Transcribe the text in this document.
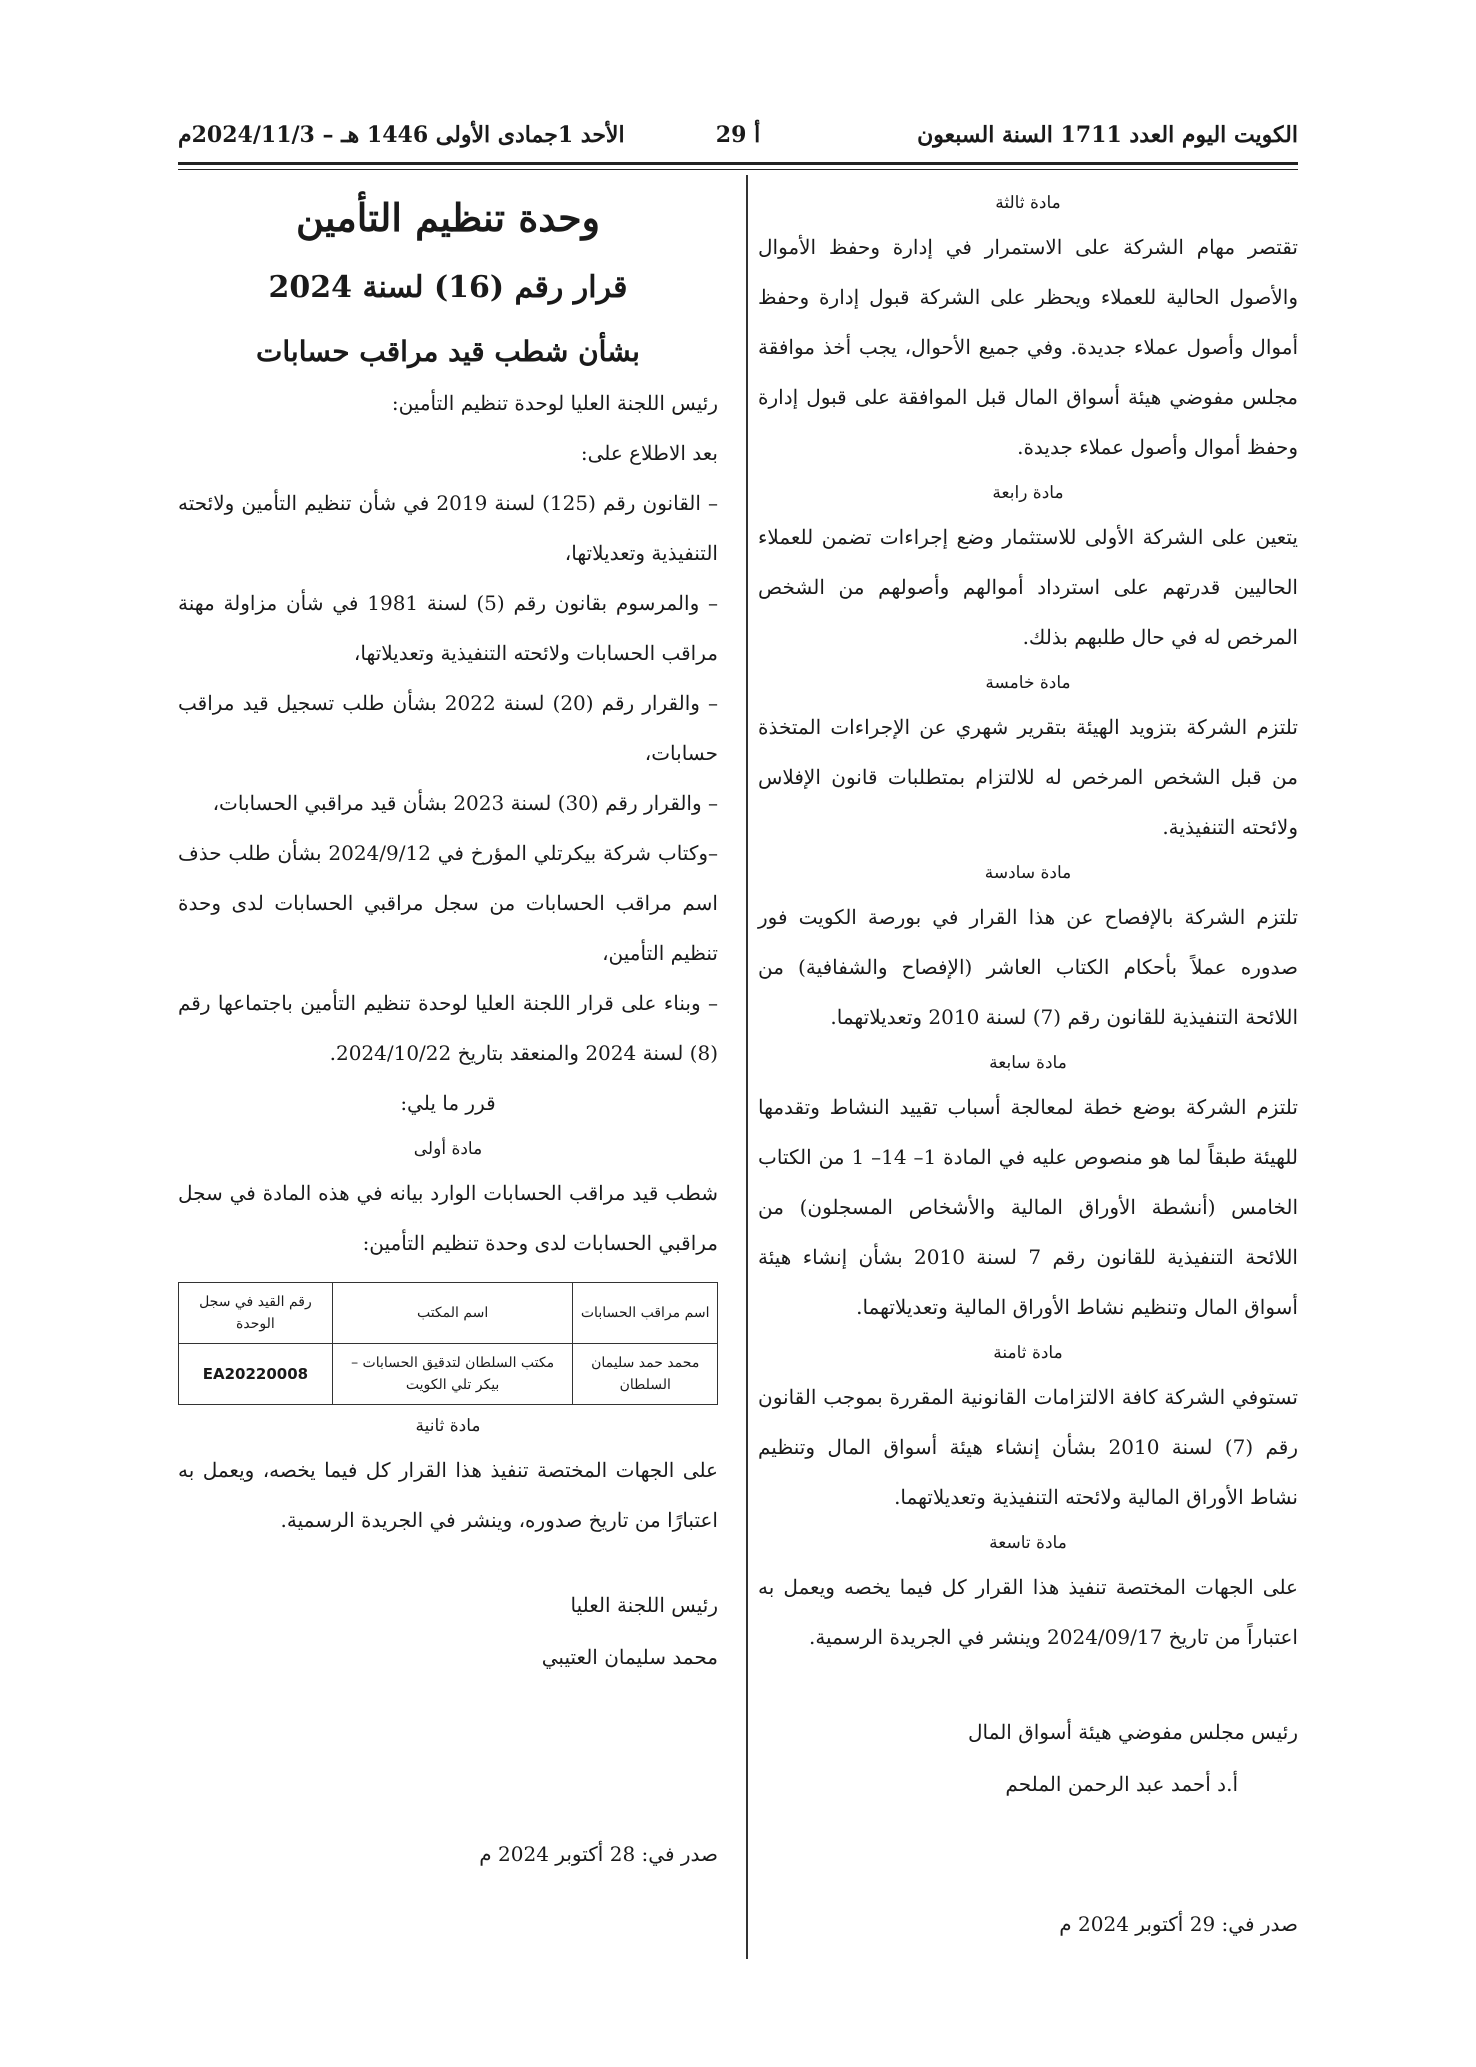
الكويت اليوم العدد 1711 السنة السبعون
أ 29
الأحد 1جمادى الأولى 1446 هـ – 2024/11/3م
مادة ثالثة

تقتصر مهام الشركة على الاستمرار في إدارة وحفظ الأموال والأصول الحالية للعملاء ويحظر على الشركة قبول إدارة وحفظ أموال وأصول عملاء جديدة. وفي جميع الأحوال، يجب أخذ موافقة مجلس مفوضي هيئة أسواق المال قبل الموافقة على قبول إدارة وحفظ أموال وأصول عملاء جديدة.

مادة رابعة

يتعين على الشركة الأولى للاستثمار وضع إجراءات تضمن للعملاء الحاليين قدرتهم على استرداد أموالهم وأصولهم من الشخص المرخص له في حال طلبهم بذلك.

مادة خامسة

تلتزم الشركة بتزويد الهيئة بتقرير شهري عن الإجراءات المتخذة من قبل الشخص المرخص له للالتزام بمتطلبات قانون الإفلاس ولائحته التنفيذية.

مادة سادسة

تلتزم الشركة بالإفصاح عن هذا القرار في بورصة الكويت فور صدوره عملاً بأحكام الكتاب العاشر (الإفصاح والشفافية) من اللائحة التنفيذية للقانون رقم (7) لسنة 2010 وتعديلاتهما.

مادة سابعة

تلتزم الشركة بوضع خطة لمعالجة أسباب تقييد النشاط وتقدمها للهيئة طبقاً لما هو منصوص عليه في المادة 1– 14– 1 من الكتاب الخامس (أنشطة الأوراق المالية والأشخاص المسجلون) من اللائحة التنفيذية للقانون رقم 7 لسنة 2010 بشأن إنشاء هيئة أسواق المال وتنظيم نشاط الأوراق المالية وتعديلاتهما.

مادة ثامنة

تستوفي الشركة كافة الالتزامات القانونية المقررة بموجب القانون رقم (7) لسنة 2010 بشأن إنشاء هيئة أسواق المال وتنظيم نشاط الأوراق المالية ولائحته التنفيذية وتعديلاتهما.

مادة تاسعة

على الجهات المختصة تنفيذ هذا القرار كل فيما يخصه ويعمل به اعتباراً من تاريخ 2024/09/17 وينشر في الجريدة الرسمية.

رئيس مجلس مفوضي هيئة أسواق المال
أ.د أحمد عبد الرحمن الملحم
صدر في: 29 أكتوبر 2024 م
وحدة تنظيم التأمين
قرار رقم (16) لسنة 2024
بشأن شطب قيد مراقب حسابات

رئيس اللجنة العليا لوحدة تنظيم التأمين:

بعد الاطلاع على:

– القانون رقم (125) لسنة 2019 في شأن تنظيم التأمين ولائحته التنفيذية وتعديلاتها،

– والمرسوم بقانون رقم (5) لسنة 1981 في شأن مزاولة مهنة مراقب الحسابات ولائحته التنفيذية وتعديلاتها،

– والقرار رقم (20) لسنة 2022 بشأن طلب تسجيل قيد مراقب حسابات،

– والقرار رقم (30) لسنة 2023 بشأن قيد مراقبي الحسابات،

–وكتاب شركة بيكرتلي المؤرخ في 2024/9/12 بشأن طلب حذف اسم مراقب الحسابات من سجل مراقبي الحسابات لدى وحدة تنظيم التأمين،

– وبناء على قرار اللجنة العليا لوحدة تنظيم التأمين باجتماعها رقم (8) لسنة 2024 والمنعقد بتاريخ 2024/10/22.

قرر ما يلي:

مادة أولى

شطب قيد مراقب الحسابات الوارد بيانه في هذه المادة في سجل مراقبي الحسابات لدى وحدة تنظيم التأمين:

اسم مراقب الحسابات	اسم المكتب	رقم القيد في سجل الوحدة
محمد حمد سليمان السلطان	مكتب السلطان لتدقيق الحسابات – بيكر تلي الكويت	EA20220008
مادة ثانية

على الجهات المختصة تنفيذ هذا القرار كل فيما يخصه، ويعمل به اعتبارًا من تاريخ صدوره، وينشر في الجريدة الرسمية.

رئيس اللجنة العليا
محمد سليمان العتيبي
صدر في: 28 أكتوبر 2024 م
